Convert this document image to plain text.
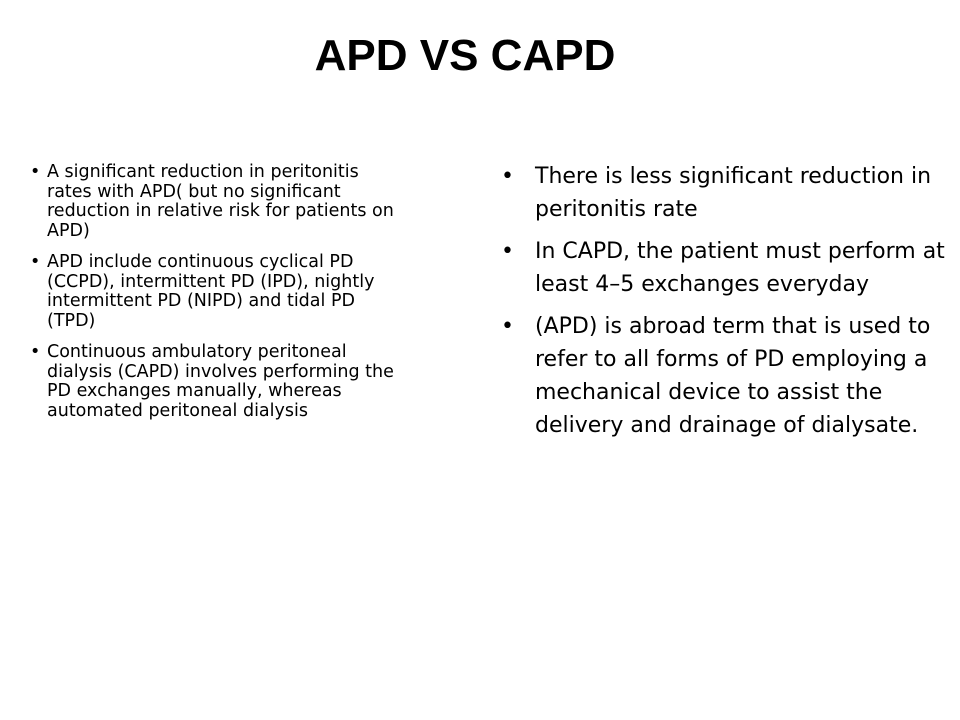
APD VS CAPD
• A significant reduction in peritonitis rates with APD( but no significant reduction in relative risk for patients on APD)
• APD include continuous cyclical PD (CCPD), intermittent PD (IPD), nightly intermittent PD (NIPD) and tidal PD (TPD)
• Continuous ambulatory peritoneal dialysis (CAPD) involves performing the PD exchanges manually, whereas automated peritoneal dialysis
• There is less significant reduction in peritonitis rate
• In CAPD, the patient must perform at least 4–5 exchanges everyday
• (APD) is abroad term that is used to refer to all forms of PD employing a mechanical device to assist the delivery and drainage of dialysate.
